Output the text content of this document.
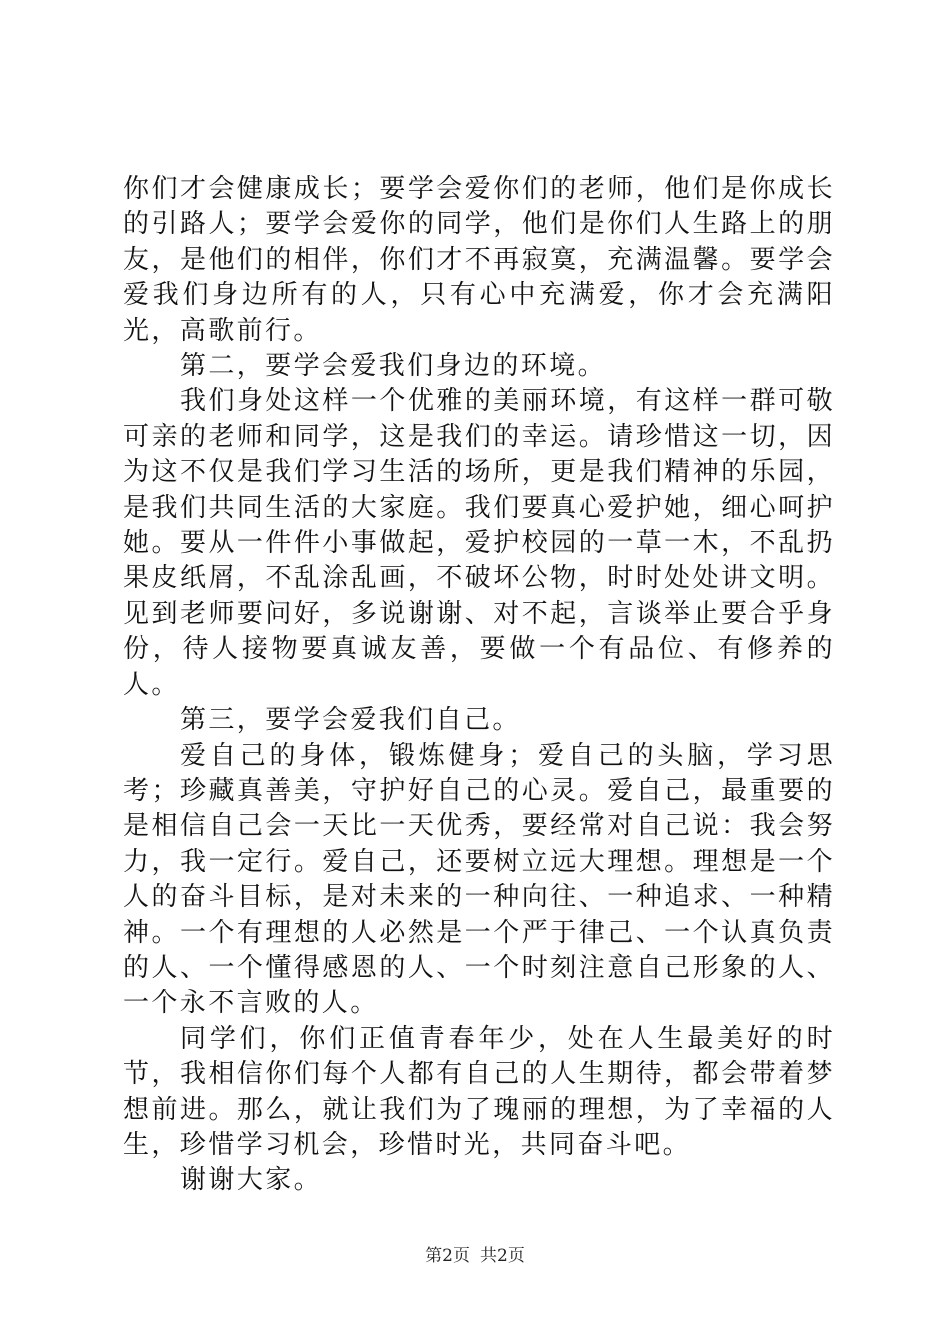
你们才会健康成长；要学会爱你们的老师，他们是你成长的引路人；要学会爱你的同学，他们是你们人生路上的朋友，是他们的相伴，你们才不再寂寞，充满温馨。要学会爱我们身边所有的人，只有心中充满爱，你才会充满阳光，高歌前行。

第二，要学会爱我们身边的环境。

我们身处这样一个优雅的美丽环境，有这样一群可敬可亲的老师和同学，这是我们的幸运。请珍惜这一切，因为这不仅是我们学习生活的场所，更是我们精神的乐园，是我们共同生活的大家庭。我们要真心爱护她，细心呵护她。要从一件件小事做起，爱护校园的一草一木，不乱扔果皮纸屑，不乱涂乱画，不破坏公物，时时处处讲文明。见到老师要问好，多说谢谢、对不起，言谈举止要合乎身份，待人接物要真诚友善，要做一个有品位、有修养的人。

第三，要学会爱我们自己。

爱自己的身体，锻炼健身；爱自己的头脑，学习思考；珍藏真善美，守护好自己的心灵。爱自己，最重要的是相信自己会一天比一天优秀，要经常对自己说：我会努力，我一定行。爱自己，还要树立远大理想。理想是一个人的奋斗目标，是对未来的一种向往、一种追求、一种精神。一个有理想的人必然是一个严于律己、一个认真负责的人、一个懂得感恩的人、一个时刻注意自己形象的人、一个永不言败的人。

同学们，你们正值青春年少，处在人生最美好的时节，我相信你们每个人都有自己的人生期待，都会带着梦想前进。那么，就让我们为了瑰丽的理想，为了幸福的人生，珍惜学习机会，珍惜时光，共同奋斗吧。

谢谢大家。

第2页 共2页
